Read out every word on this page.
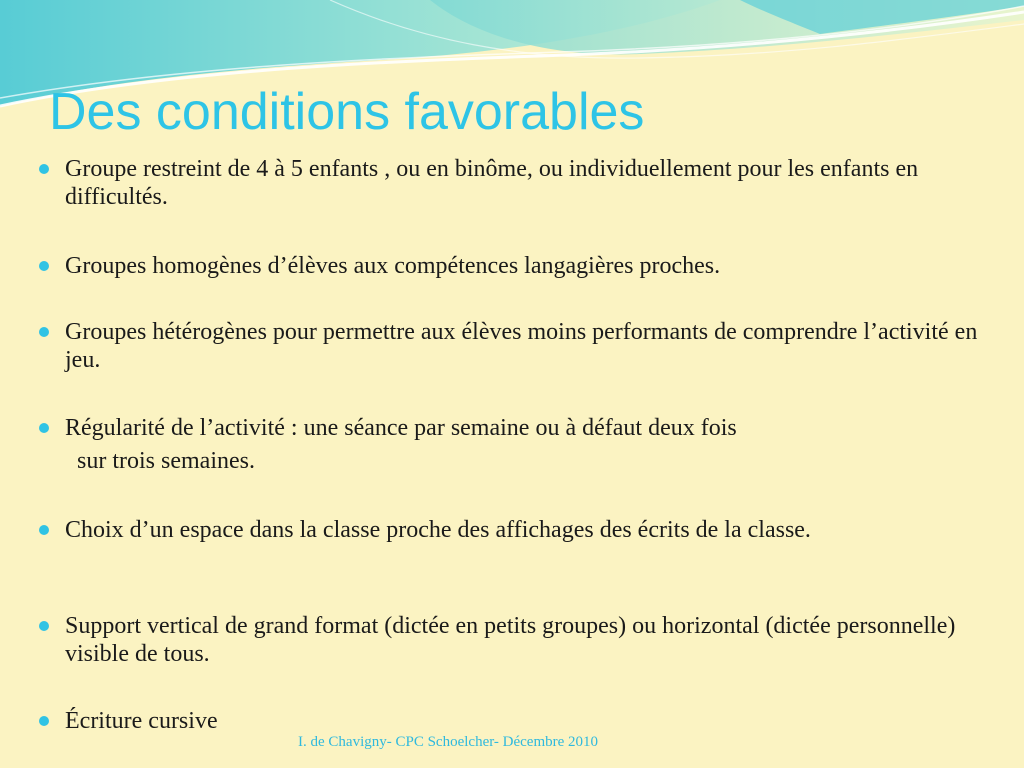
Des conditions favorables
Groupe restreint de 4 à 5 enfants , ou en binôme, ou individuellement pour les enfants en difficultés.
Groupes homogènes d’élèves aux compétences langagières proches.
Groupes hétérogènes pour permettre aux élèves moins performants de comprendre l’activité en jeu.
Régularité de l’activité : une séance par semaine ou à défaut deux fois
sur trois semaines.
Choix d’un espace dans la classe proche des affichages des écrits de la classe.
Support vertical de grand format (dictée en petits groupes) ou horizontal (dictée personnelle) visible de tous.
Écriture cursive
I. de Chavigny- CPC Schoelcher- Décembre 2010
